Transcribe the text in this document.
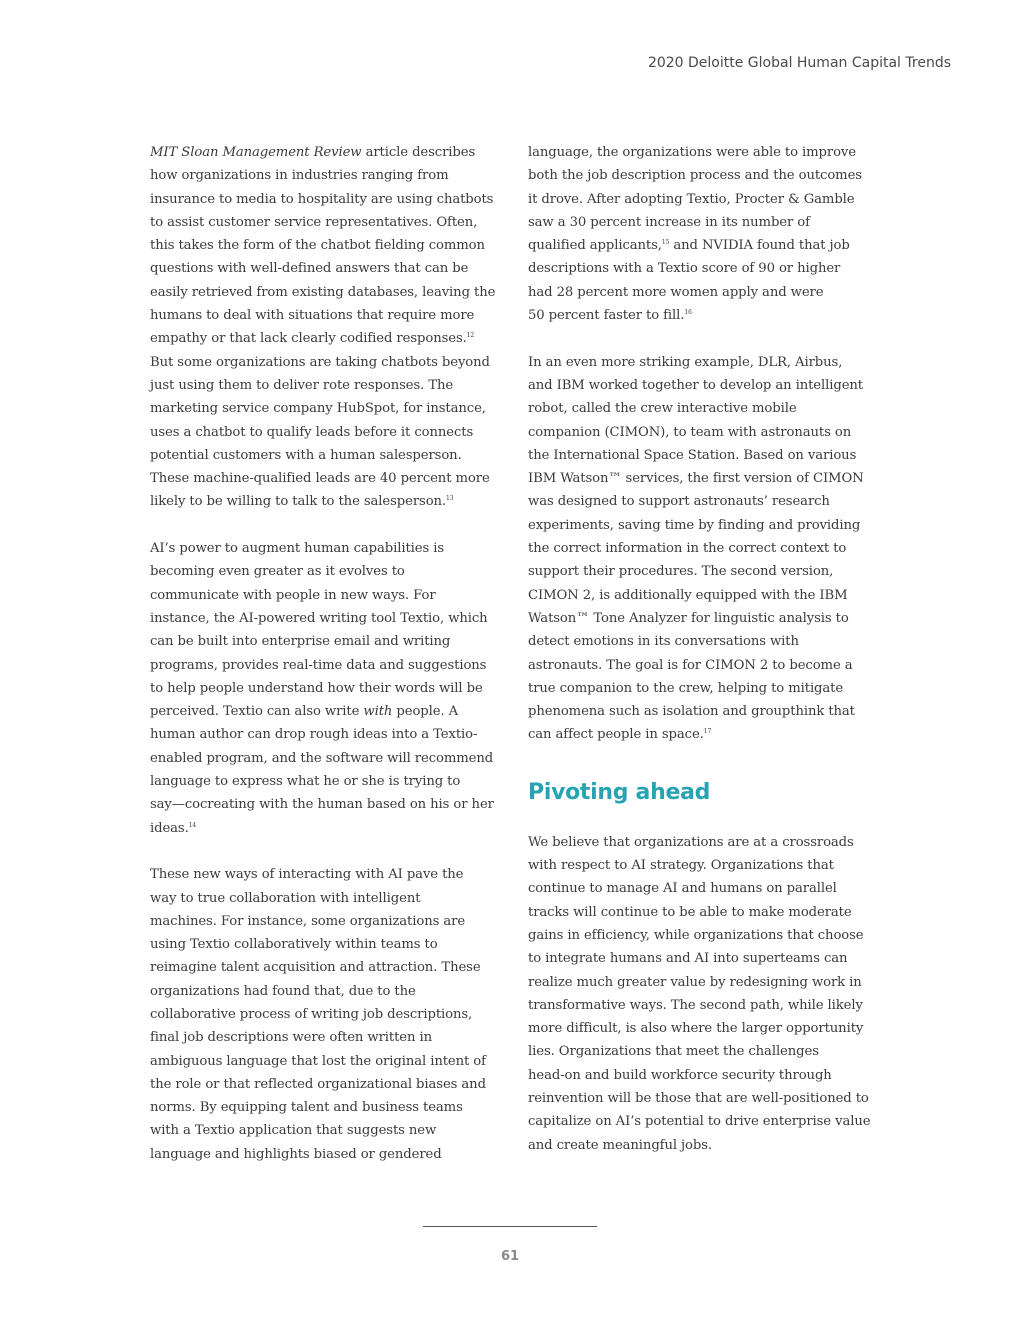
2020 Deloitte Global Human Capital Trends

MIT Sloan Management Review article describes
how organizations in industries ranging from
insurance to media to hospitality are using chatbots
to assist customer service representatives. Often,
this takes the form of the chatbot fielding common
questions with well-defined answers that can be
easily retrieved from existing databases, leaving the
humans to deal with situations that require more
empathy or that lack clearly codified responses.$^{12}$
But some organizations are taking chatbots beyond
just using them to deliver rote responses. The
marketing service company HubSpot, for instance,
uses a chatbot to qualify leads before it connects
potential customers with a human salesperson.
These machine-qualified leads are 40 percent more
likely to be willing to talk to the salesperson.$^{13}$

AI’s power to augment human capabilities is
becoming even greater as it evolves to
communicate with people in new ways. For
instance, the AI-powered writing tool Textio, which
can be built into enterprise email and writing
programs, provides real-time data and suggestions
to help people understand how their words will be
perceived. Textio can also write with people. A
human author can drop rough ideas into a Textio-
enabled program, and the software will recommend
language to express what he or she is trying to
say—cocreating with the human based on his or her
ideas.$^{14}$

These new ways of interacting with AI pave the
way to true collaboration with intelligent
machines. For instance, some organizations are
using Textio collaboratively within teams to
reimagine talent acquisition and attraction. These
organizations had found that, due to the
collaborative process of writing job descriptions,
final job descriptions were often written in
ambiguous language that lost the original intent of
the role or that reflected organizational biases and
norms. By equipping talent and business teams
with a Textio application that suggests new
language and highlights biased or gendered

language, the organizations were able to improve
both the job description process and the outcomes
it drove. After adopting Textio, Procter & Gamble
saw a 30 percent increase in its number of
qualified applicants,$^{15}$ and NVIDIA found that job
descriptions with a Textio score of 90 or higher
had 28 percent more women apply and were
50 percent faster to fill.$^{16}$

In an even more striking example, DLR, Airbus,
and IBM worked together to develop an intelligent
robot, called the crew interactive mobile
companion (CIMON), to team with astronauts on
the International Space Station. Based on various
IBM Watson™ services, the first version of CIMON
was designed to support astronauts’ research
experiments, saving time by finding and providing
the correct information in the correct context to
support their procedures. The second version,
CIMON 2, is additionally equipped with the IBM
Watson™ Tone Analyzer for linguistic analysis to
detect emotions in its conversations with
astronauts. The goal is for CIMON 2 to become a
true companion to the crew, helping to mitigate
phenomena such as isolation and groupthink that
can affect people in space.$^{17}$

Pivoting ahead

We believe that organizations are at a crossroads
with respect to AI strategy. Organizations that
continue to manage AI and humans on parallel
tracks will continue to be able to make moderate
gains in efficiency, while organizations that choose
to integrate humans and AI into superteams can
realize much greater value by redesigning work in
transformative ways. The second path, while likely
more difficult, is also where the larger opportunity
lies. Organizations that meet the challenges
head-on and build workforce security through
reinvention will be those that are well-positioned to
capitalize on AI’s potential to drive enterprise value
and create meaningful jobs.

61
